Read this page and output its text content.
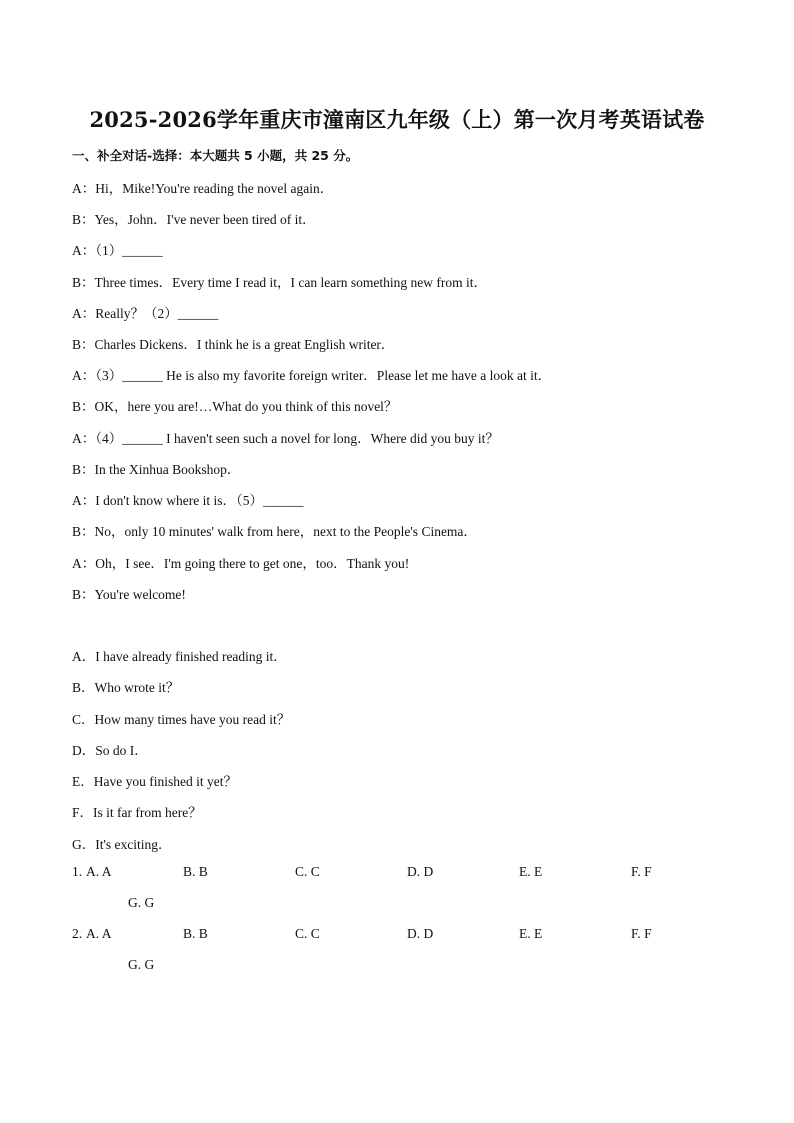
2025-2026学年重庆市潼南区九年级（上）第一次月考英语试卷
一、补全对话-选择：本大题共 5 小题，共 25 分。
A：Hi，Mike!You're reading the novel again．
B：Yes，John．I've never been tired of it．
A：（1）______
B：Three times．Every time I read it，I can learn something new from it．
A：Really？（2）______
B：Charles Dickens．I think he is a great English writer．
A：（3）______ He is also my favorite foreign writer．Please let me have a look at it．
B：OK，here you are!…What do you think of this novel？
A：（4）______ I haven't seen such a novel for long．Where did you buy it？
B：In the Xinhua Bookshop．
A：I don't know where it is．（5）______
B：No，only 10 minutes' walk from here，next to the People's Cinema．
A：Oh，I see．I'm going there to get one，too．Thank you!
B：You're welcome!
A．I have already finished reading it．
B．Who wrote it？
C．How many times have you read it？
D．So do I．
E．Have you finished it yet？
F．Is it far from here？
G．It's exciting．
1. A. A	B. B	C. C	D. D	E. E	F. F
G. G
2. A. A	B. B	C. C	D. D	E. E	F. F
G. G
